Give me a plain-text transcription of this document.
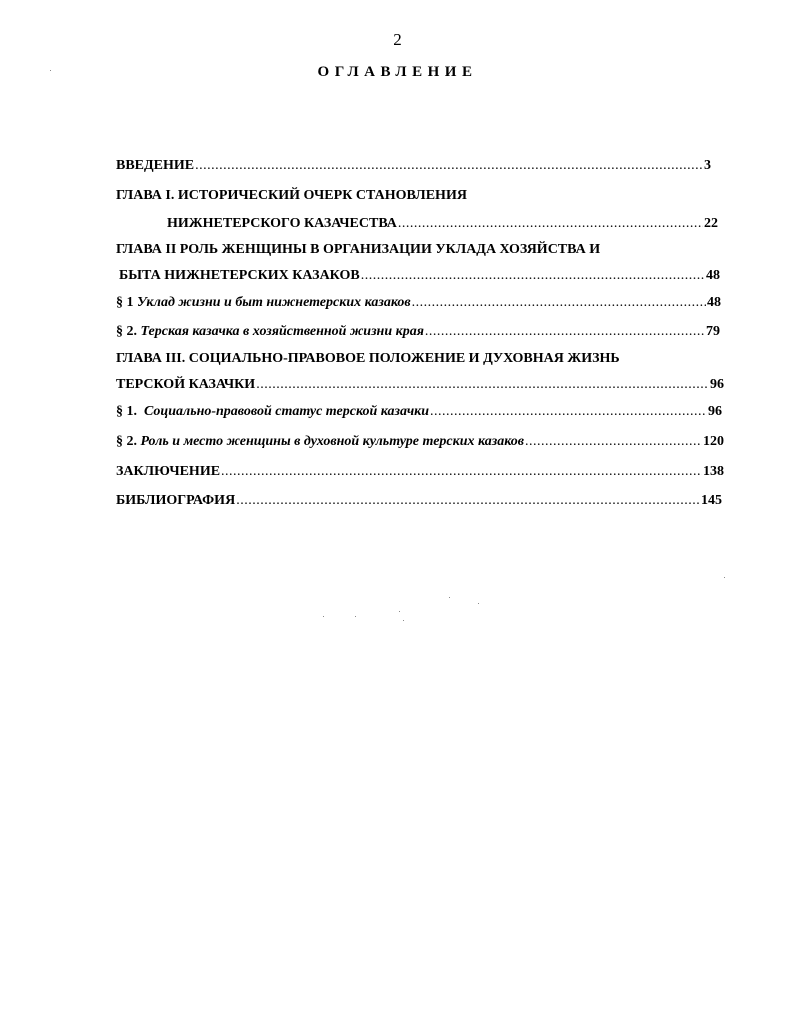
2
ОГЛАВЛЕНИЕ
ВВЕДЕНИЕ .....	3
ГЛАВА I. ИСТОРИЧЕСКИЙ ОЧЕРК СТАНОВЛЕНИЯ
НИЖНЕТЕРСКОГО КАЗАЧЕСТВА .....	22
ГЛАВА II РОЛЬ ЖЕНЩИНЫ В ОРГАНИЗАЦИИ УКЛАДА ХОЗЯЙСТВА И
БЫТА НИЖНЕТЕРСКИХ КАЗАКОВ .....	48
§ 1 Уклад жизни и быт нижнетерских казаков .....	48
§ 2. Терская казачка в хозяйственной жизни края .....	79
ГЛАВА III. СОЦИАЛЬНО-ПРАВОВОЕ ПОЛОЖЕНИЕ И ДУХОВНАЯ ЖИЗНЬ
ТЕРСКОЙ КАЗАЧКИ .....	96
§ 1. Социально-правовой статус терской казачки .....	96
§ 2. Роль и место женщины в духовной культуре терских казаков .....	120
ЗАКЛЮЧЕНИЕ .....	138
БИБЛИОГРАФИЯ .....	145
